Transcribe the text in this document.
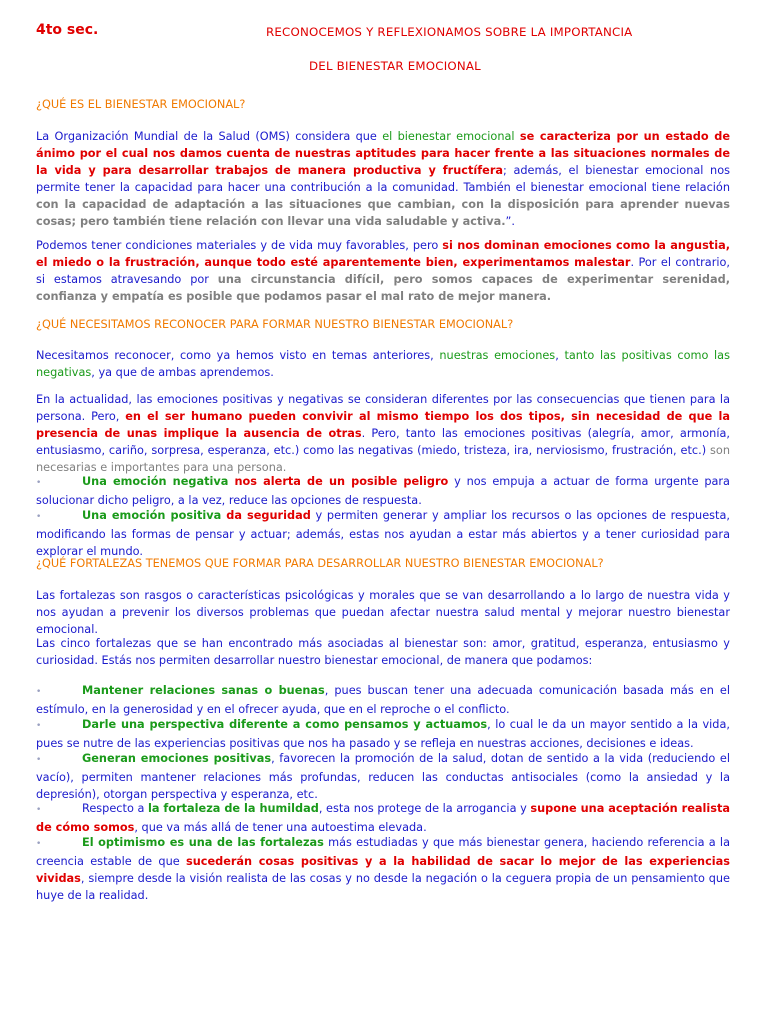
4to sec.	RECONOCEMOS Y REFLEXIONAMOS SOBRE LA IMPORTANCIA
DEL BIENESTAR EMOCIONAL
¿QUÉ ES EL BIENESTAR EMOCIONAL?
La Organización Mundial de la Salud (OMS) considera que el bienestar emocional se caracteriza por un estado de ánimo por el cual nos damos cuenta de nuestras aptitudes para hacer frente a las situaciones normales de la vida y para desarrollar trabajos de manera productiva y fructífera; además, el bienestar emocional nos permite tener la capacidad para hacer una contribución a la comunidad. También el bienestar emocional tiene relación con la capacidad de adaptación a las situaciones que cambian, con la disposición para aprender nuevas cosas; pero también tiene relación con llevar una vida saludable y activa.”.
Podemos tener condiciones materiales y de vida muy favorables, pero si nos dominan emociones como la angustia, el miedo o la frustración, aunque todo esté aparentemente bien, experimentamos malestar. Por el contrario, si estamos atravesando por una circunstancia difícil, pero somos capaces de experimentar serenidad, confianza y empatía es posible que podamos pasar el mal rato de mejor manera.
¿QUÉ NECESITAMOS RECONOCER PARA FORMAR NUESTRO BIENESTAR EMOCIONAL?
Necesitamos reconocer, como ya hemos visto en temas anteriores, nuestras emociones, tanto las positivas como las negativas, ya que de ambas aprendemos.
En la actualidad, las emociones positivas y negativas se consideran diferentes por las consecuencias que tienen para la persona. Pero, en el ser humano pueden convivir al mismo tiempo los dos tipos, sin necesidad de que la presencia de unas implique la ausencia de otras. Pero, tanto las emociones positivas (alegría, amor, armonía, entusiasmo, cariño, sorpresa, esperanza, etc.) como las negativas (miedo, tristeza, ira, nerviosismo, frustración, etc.) son necesarias e importantes para una persona.
•	Una emoción negativa nos alerta de un posible peligro y nos empuja a actuar de forma urgente para solucionar dicho peligro, a la vez, reduce las opciones de respuesta.
•	Una emoción positiva da seguridad y permiten generar y ampliar los recursos o las opciones de respuesta, modificando las formas de pensar y actuar; además, estas nos ayudan a estar más abiertos y a tener curiosidad para explorar el mundo.
¿QUÉ FORTALEZAS TENEMOS QUE FORMAR PARA DESARROLLAR NUESTRO BIENESTAR EMOCIONAL?
Las fortalezas son rasgos o características psicológicas y morales que se van desarrollando a lo largo de nuestra vida y nos ayudan a prevenir los diversos problemas que puedan afectar nuestra salud mental y mejorar nuestro bienestar emocional.
Las cinco fortalezas que se han encontrado más asociadas al bienestar son: amor, gratitud, esperanza, entusiasmo y curiosidad. Estás nos permiten desarrollar nuestro bienestar emocional, de manera que podamos:
•	Mantener relaciones sanas o buenas, pues buscan tener una adecuada comunicación basada más en el estímulo, en la generosidad y en el ofrecer ayuda, que en el reproche o el conflicto.
•	Darle una perspectiva diferente a como pensamos y actuamos, lo cual le da un mayor sentido a la vida, pues se nutre de las experiencias positivas que nos ha pasado y se refleja en nuestras acciones, decisiones e ideas.
•	Generan emociones positivas, favorecen la promoción de la salud, dotan de sentido a la vida (reduciendo el vacío), permiten mantener relaciones más profundas, reducen las conductas antisociales (como la ansiedad y la depresión), otorgan perspectiva y esperanza, etc.
•	Respecto a la fortaleza de la humildad, esta nos protege de la arrogancia y supone una aceptación realista de cómo somos, que va más allá de tener una autoestima elevada.
•	El optimismo es una de las fortalezas más estudiadas y que más bienestar genera, haciendo referencia a la creencia estable de que sucederán cosas positivas y a la habilidad de sacar lo mejor de las experiencias vividas, siempre desde la visión realista de las cosas y no desde la negación o la ceguera propia de un pensamiento que huye de la realidad.
